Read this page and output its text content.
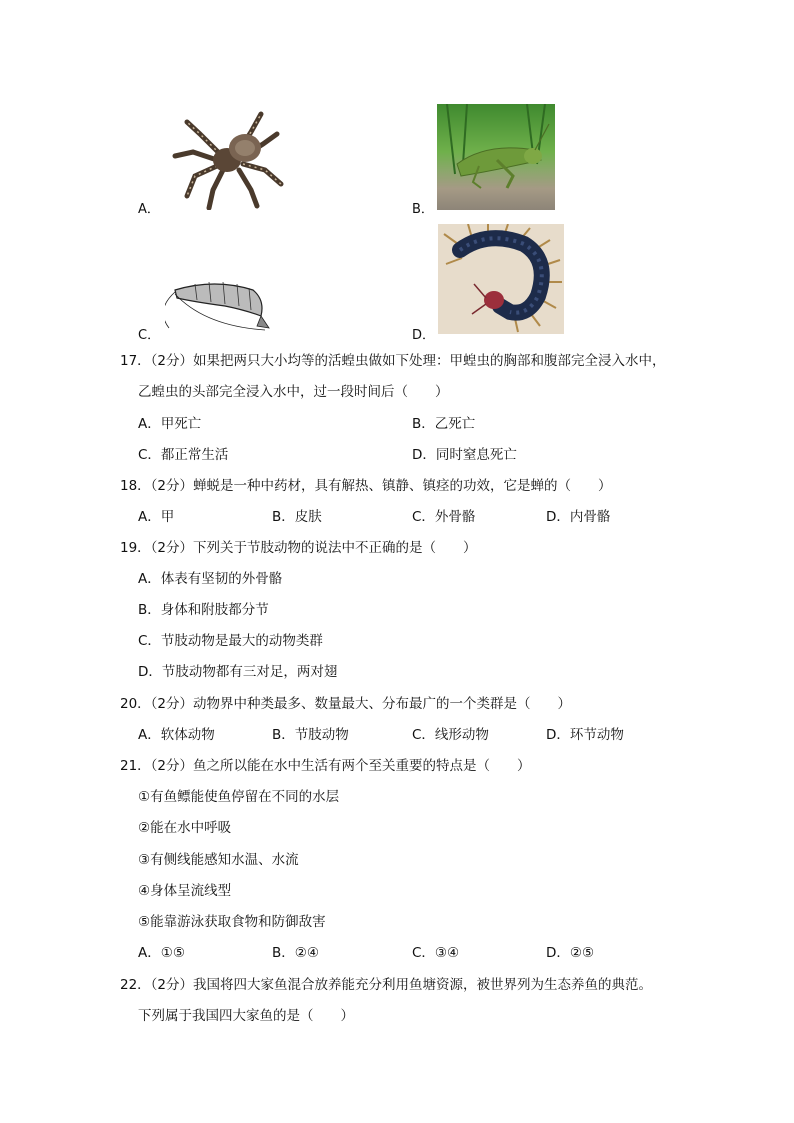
A．	B．
C．	D．
17．（2分）如果把两只大小均等的活蝗虫做如下处理：甲蝗虫的胸部和腹部完全浸入水中，
乙蝗虫的头部完全浸入水中，过一段时间后（　　）
A．甲死亡	B．乙死亡
C．都正常生活	D．同时窒息死亡
18．（2分）蝉蜕是一种中药材，具有解热、镇静、镇痉的功效，它是蝉的（　　）
A．甲	B．皮肤	C．外骨骼	D．内骨骼
19．（2分）下列关于节肢动物的说法中不正确的是（　　）
A．体表有坚韧的外骨骼
B．身体和附肢都分节
C．节肢动物是最大的动物类群
D．节肢动物都有三对足，两对翅
20．（2分）动物界中种类最多、数量最大、分布最广的一个类群是（　　）
A．软体动物	B．节肢动物	C．线形动物	D．环节动物
21．（2分）鱼之所以能在水中生活有两个至关重要的特点是（　　）
①有鱼鳔能使鱼停留在不同的水层
②能在水中呼吸
③有侧线能感知水温、水流
④身体呈流线型
⑤能靠游泳获取食物和防御敌害
A．①⑤	B．②④	C．③④	D．②⑤
22．（2分）我国将四大家鱼混合放养能充分利用鱼塘资源，被世界列为生态养鱼的典范。
下列属于我国四大家鱼的是（　　）
